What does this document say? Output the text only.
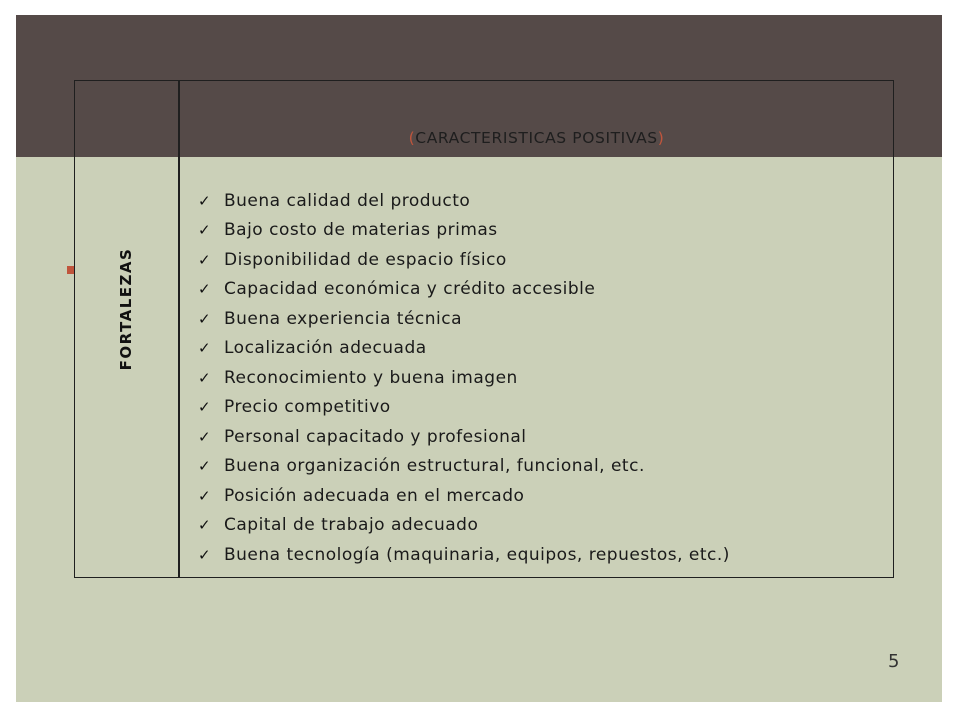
(CARACTERISTICAS POSITIVAS)
FORTALEZAS
✓ Buena calidad del producto
✓ Bajo costo de materias primas
✓ Disponibilidad de espacio físico
✓ Capacidad económica y crédito accesible
✓ Buena experiencia técnica
✓ Localización adecuada
✓ Reconocimiento y buena imagen
✓ Precio competitivo
✓ Personal capacitado y profesional
✓ Buena organización estructural, funcional, etc.
✓ Posición adecuada en el mercado
✓ Capital de trabajo adecuado
✓ Buena tecnología (maquinaria, equipos, repuestos, etc.)
5
